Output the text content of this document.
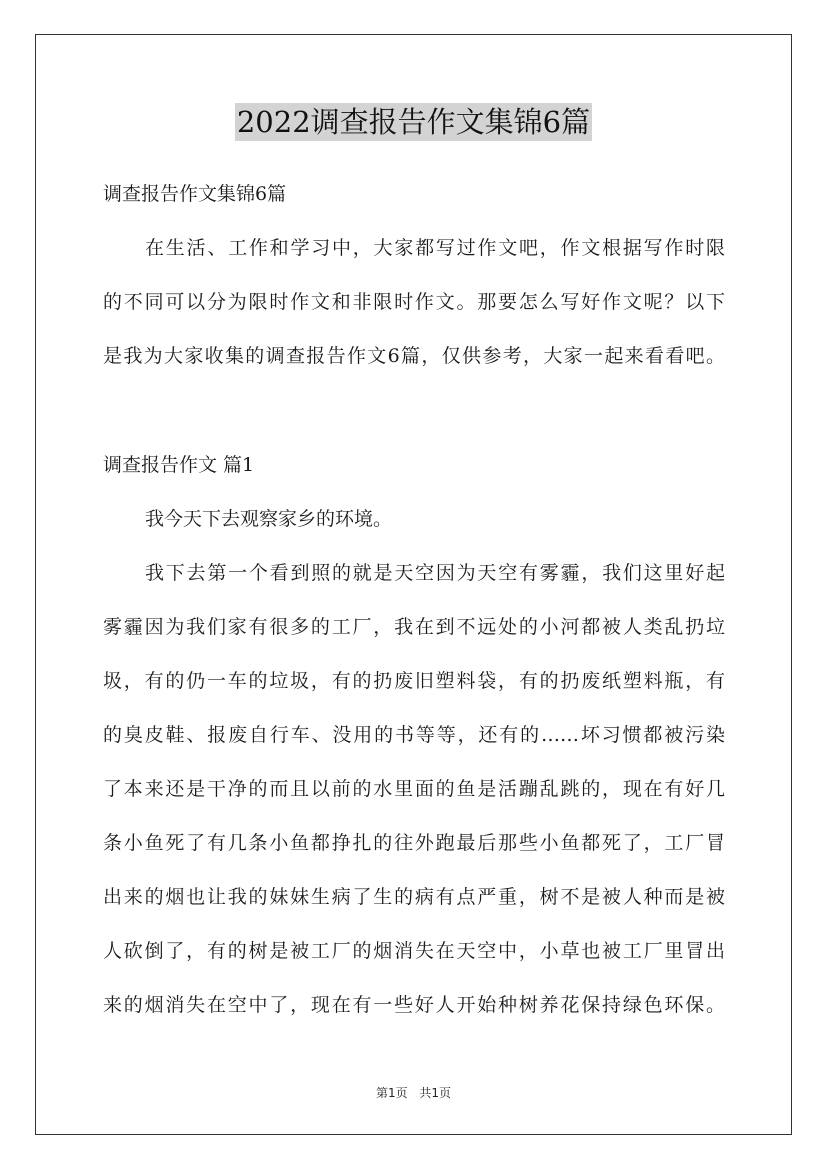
2022调查报告作文集锦6篇
调查报告作文集锦6篇
在生活、工作和学习中，大家都写过作文吧，作文根据写作时限
的不同可以分为限时作文和非限时作文。那要怎么写好作文呢？以下
是我为大家收集的调查报告作文6篇，仅供参考，大家一起来看看吧。
调查报告作文 篇1
我今天下去观察家乡的环境。
我下去第一个看到照的就是天空因为天空有雾霾，我们这里好起
雾霾因为我们家有很多的工厂，我在到不远处的小河都被人类乱扔垃
圾，有的仍一车的垃圾，有的扔废旧塑料袋，有的扔废纸塑料瓶，有
的臭皮鞋、报废自行车、没用的书等等，还有的……坏习惯都被污染
了本来还是干净的而且以前的水里面的鱼是活蹦乱跳的，现在有好几
条小鱼死了有几条小鱼都挣扎的往外跑最后那些小鱼都死了，工厂冒
出来的烟也让我的妹妹生病了生的病有点严重，树不是被人种而是被
人砍倒了，有的树是被工厂的烟消失在天空中，小草也被工厂里冒出
来的烟消失在空中了，现在有一些好人开始种树养花保持绿色环保。
第1页 共1页
